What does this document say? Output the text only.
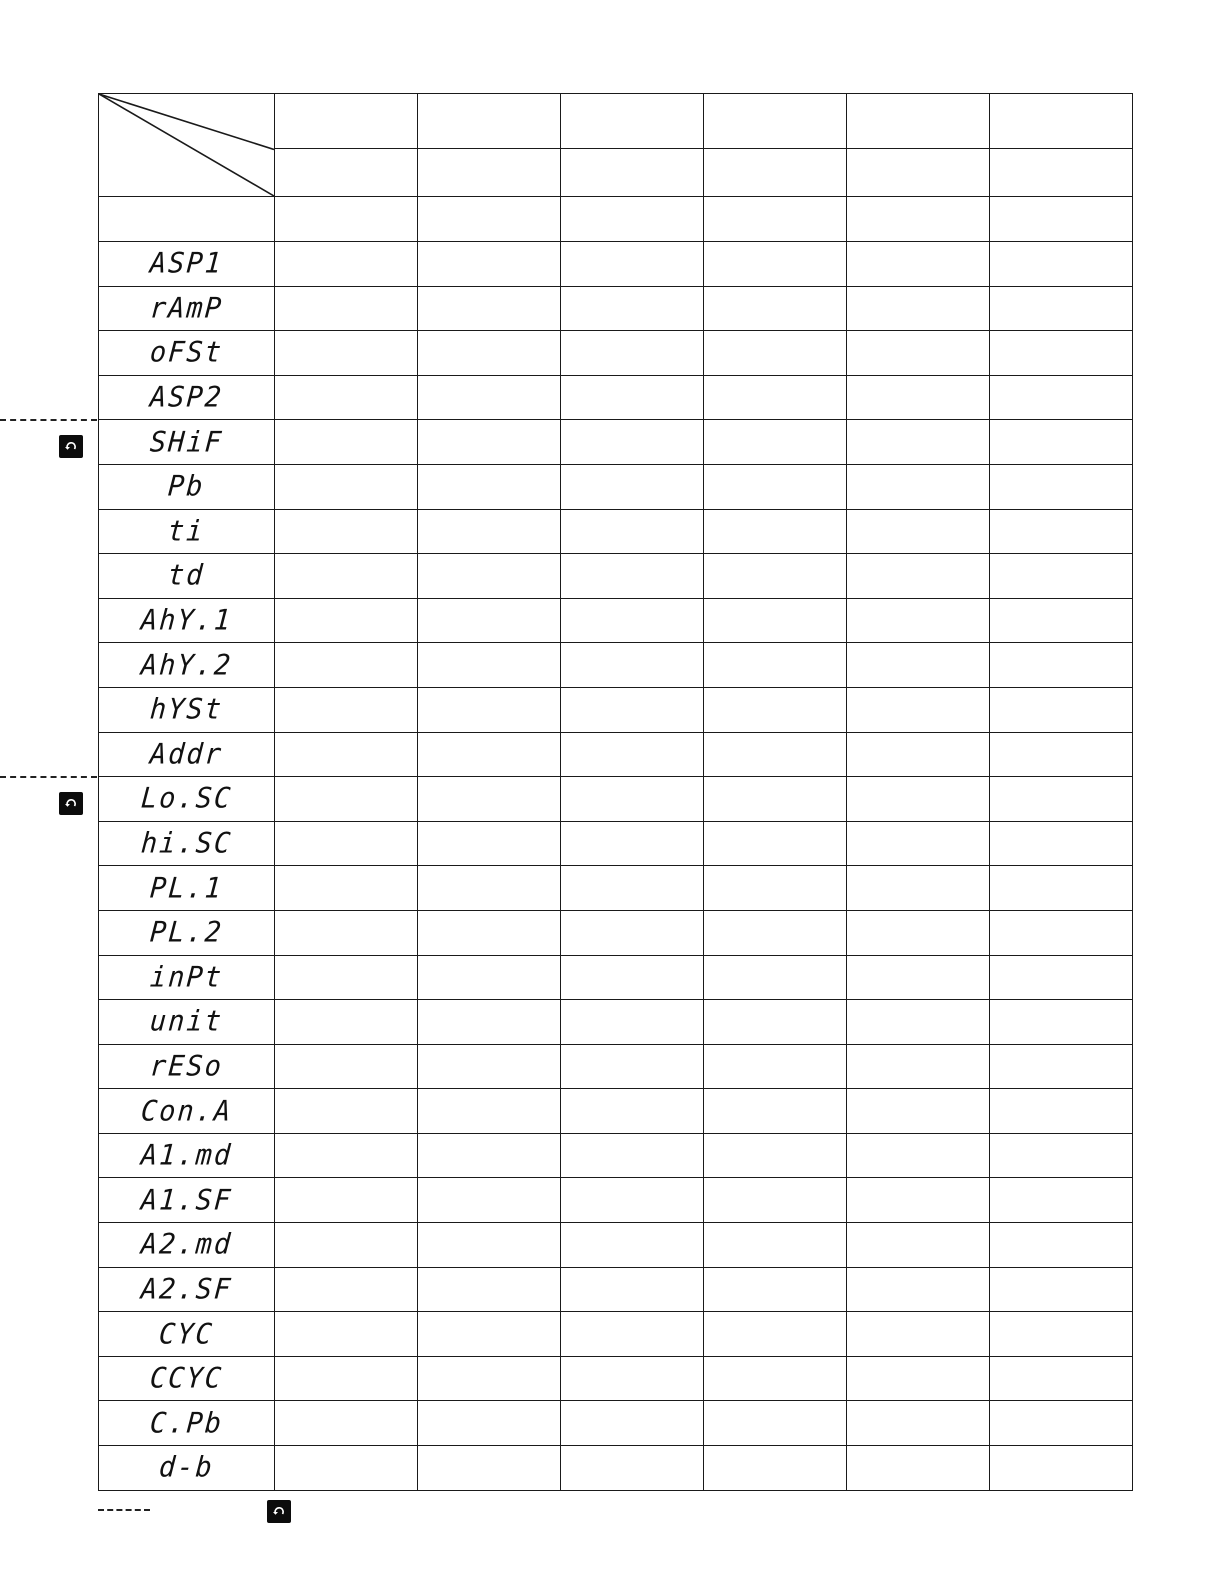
ASP1						
rAmP						
oFSt						
ASP2						
SHiF						
Pb						
ti						
td						
AhY.1						
AhY.2						
hYSt						
Addr						
Lo.SC						
hi.SC						
PL.1						
PL.2						
inPt						
unit						
rESo						
Con.A						
A1.md						
A1.SF						
A2.md						
A2.SF						
CYC						
CCYC						
C.Pb						
d-b						
